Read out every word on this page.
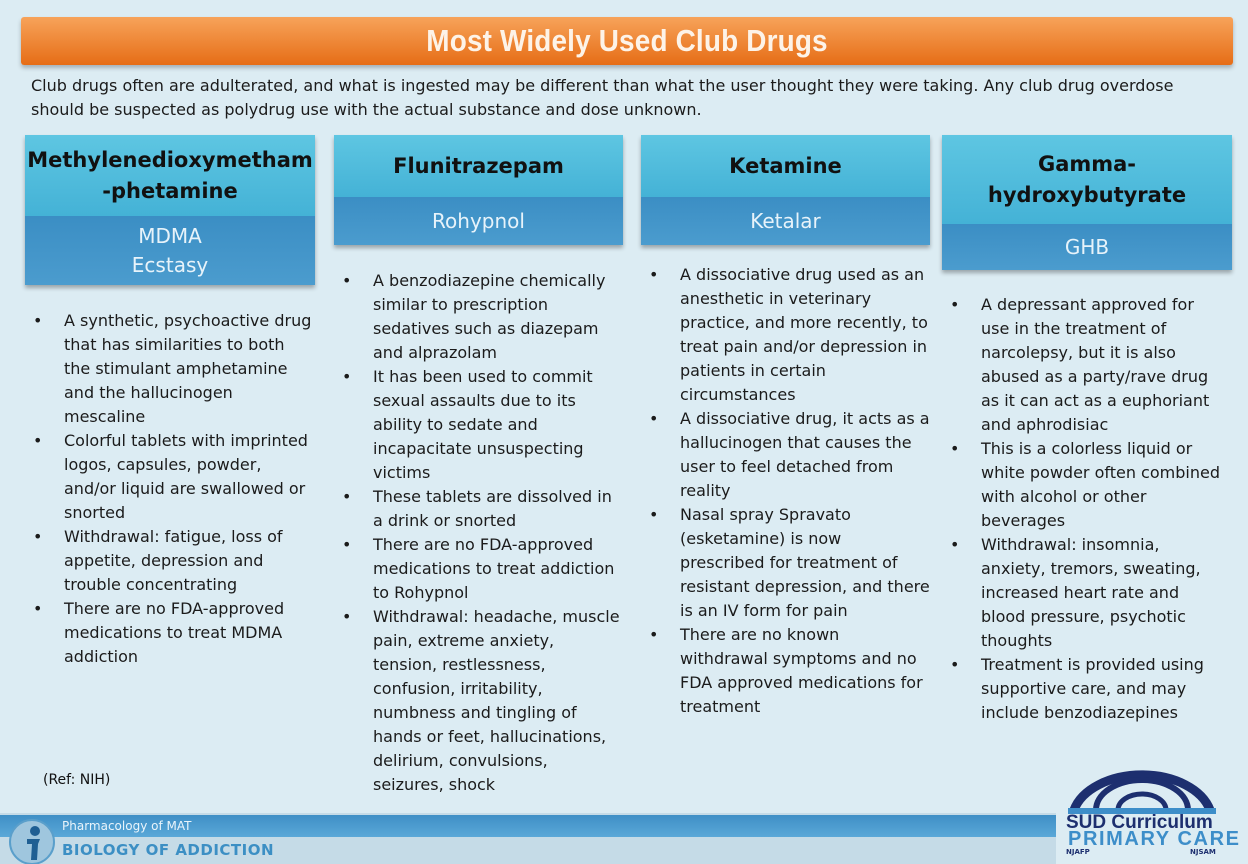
Most Widely Used Club Drugs

Club drugs often are adulterated, and what is ingested may be different than what the user thought they were taking. Any club drug overdose should be suspected as polydrug use with the actual substance and dose unknown.

Methylenedioxymetham
-phetamine
MDMA
Ecstasy
• A synthetic, psychoactive drug that has similarities to both the stimulant amphetamine and the hallucinogen mescaline
• Colorful tablets with imprinted logos, capsules, powder, and/or liquid are swallowed or snorted
• Withdrawal: fatigue, loss of appetite, depression and trouble concentrating
• There are no FDA-approved medications to treat MDMA addiction
Flunitrazepam
Rohypnol
• A benzodiazepine chemically similar to prescription sedatives such as diazepam and alprazolam
• It has been used to commit sexual assaults due to its ability to sedate and incapacitate unsuspecting victims
• These tablets are dissolved in a drink or snorted
• There are no FDA-approved medications to treat addiction to Rohypnol
• Withdrawal: headache, muscle pain, extreme anxiety, tension, restlessness, confusion, irritability, numbness and tingling of hands or feet, hallucinations, delirium, convulsions, seizures, shock
Ketamine
Ketalar
• A dissociative drug used as an anesthetic in veterinary practice, and more recently, to treat pain and/or depression in patients in certain circumstances
• A dissociative drug, it acts as a hallucinogen that causes the user to feel detached from reality
• Nasal spray Spravato (esketamine) is now prescribed for treatment of resistant depression, and there is an IV form for pain
• There are no known withdrawal symptoms and no FDA approved medications for treatment
Gamma-
hydroxybutyrate
GHB
• A depressant approved for use in the treatment of narcolepsy, but it is also abused as a party/rave drug as it can act as a euphoriant and aphrodisiac
• This is a colorless liquid or white powder often combined with alcohol or other beverages
• Withdrawal: insomnia, anxiety, tremors, sweating, increased heart rate and blood pressure, psychotic thoughts
• Treatment is provided using supportive care, and may include benzodiazepines
(Ref: NIH)
Pharmacology of MAT
BIOLOGY OF ADDICTION
SUD Curriculum
PRIMARY CARE
NJAFP	NJSAM
